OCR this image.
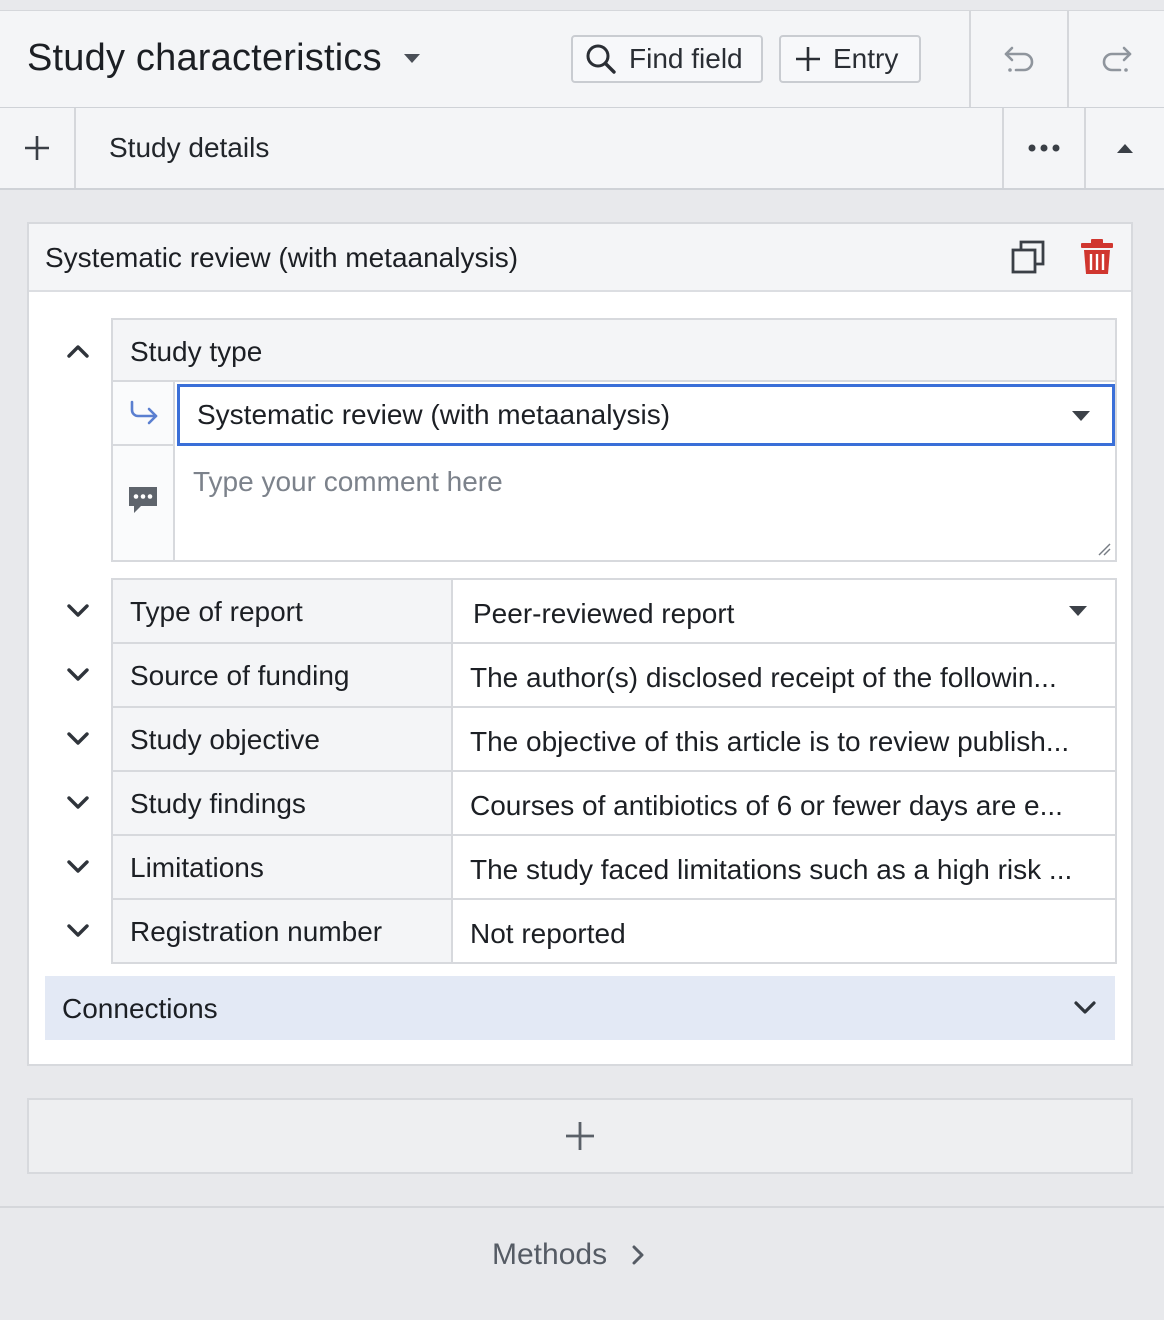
Study characteristics	Find field	Entry
Study details
Systematic review (with metaanalysis)
Study type
Systematic review (with metaanalysis)
Type your comment here
Type of report	Peer-reviewed report
Source of funding	The author(s) disclosed receipt of the followin...
Study objective	The objective of this article is to review publish...
Study findings	Courses of antibiotics of 6 or fewer days are e...
Limitations	The study faced limitations such as a high risk ...
Registration number	Not reported
Connections
Methods
